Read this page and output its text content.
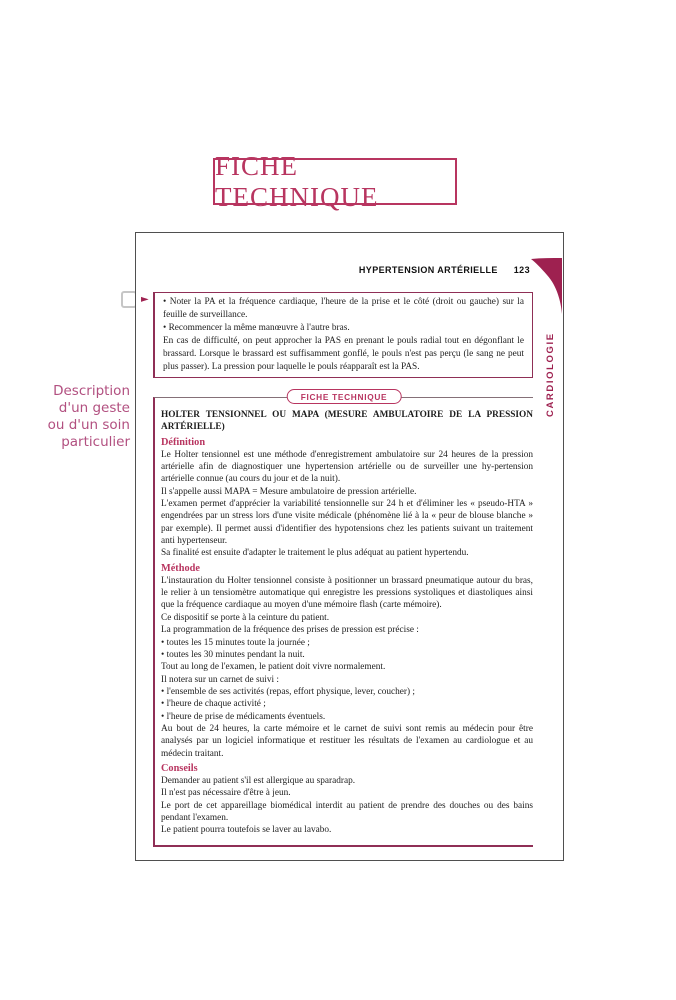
FICHE TECHNIQUE
Description
d'un geste
ou d'un soin
particulier
HYPERTENSION ARTÉRIELLE 123
CARDIOLOGIE
► • Noter la PA et la fréquence cardiaque, l'heure de la prise et le côté (droit ou gauche) sur la feuille de surveillance.

• Recommencer la même manœuvre à l'autre bras.

En cas de difficulté, on peut approcher la PAS en prenant le pouls radial tout en dégonflant le brassard. Lorsque le brassard est suffisamment gonflé, le pouls n'est pas perçu (le sang ne peut plus passer). La pression pour laquelle le pouls réapparaît est la PAS.

FICHE TECHNIQUE

HOLTER TENSIONNEL OU MAPA (MESURE AMBULATOIRE DE LA PRESSION ARTÉRIELLE)

Définition

Le Holter tensionnel est une méthode d'enregistrement ambulatoire sur 24 heures de la pression artérielle afin de diagnostiquer une hypertension artérielle ou de surveiller une hy-pertension artérielle connue (au cours du jour et de la nuit).

Il s'appelle aussi MAPA = Mesure ambulatoire de pression artérielle.

L'examen permet d'apprécier la variabilité tensionnelle sur 24 h et d'éliminer les « pseudo-HTA » engendrées par un stress lors d'une visite médicale (phénomène lié à la « peur de blouse blanche » par exemple). Il permet aussi d'identifier des hypotensions chez les patients suivant un traitement anti hypertenseur.

Sa finalité est ensuite d'adapter le traitement le plus adéquat au patient hypertendu.

Méthode

L'instauration du Holter tensionnel consiste à positionner un brassard pneumatique autour du bras, le relier à un tensiomètre automatique qui enregistre les pressions systoliques et diastoliques ainsi que la fréquence cardiaque au moyen d'une mémoire flash (carte mémoire).

Ce dispositif se porte à la ceinture du patient.

La programmation de la fréquence des prises de pression est précise :

• toutes les 15 minutes toute la journée ;

• toutes les 30 minutes pendant la nuit.

Tout au long de l'examen, le patient doit vivre normalement.

Il notera sur un carnet de suivi :

• l'ensemble de ses activités (repas, effort physique, lever, coucher) ;

• l'heure de chaque activité ;

• l'heure de prise de médicaments éventuels.

Au bout de 24 heures, la carte mémoire et le carnet de suivi sont remis au médecin pour être analysés par un logiciel informatique et restituer les résultats de l'examen au cardiologue et au médecin traitant.

Conseils

Demander au patient s'il est allergique au sparadrap.

Il n'est pas nécessaire d'être à jeun.

Le port de cet appareillage biomédical interdit au patient de prendre des douches ou des bains pendant l'examen.

Le patient pourra toutefois se laver au lavabo.
